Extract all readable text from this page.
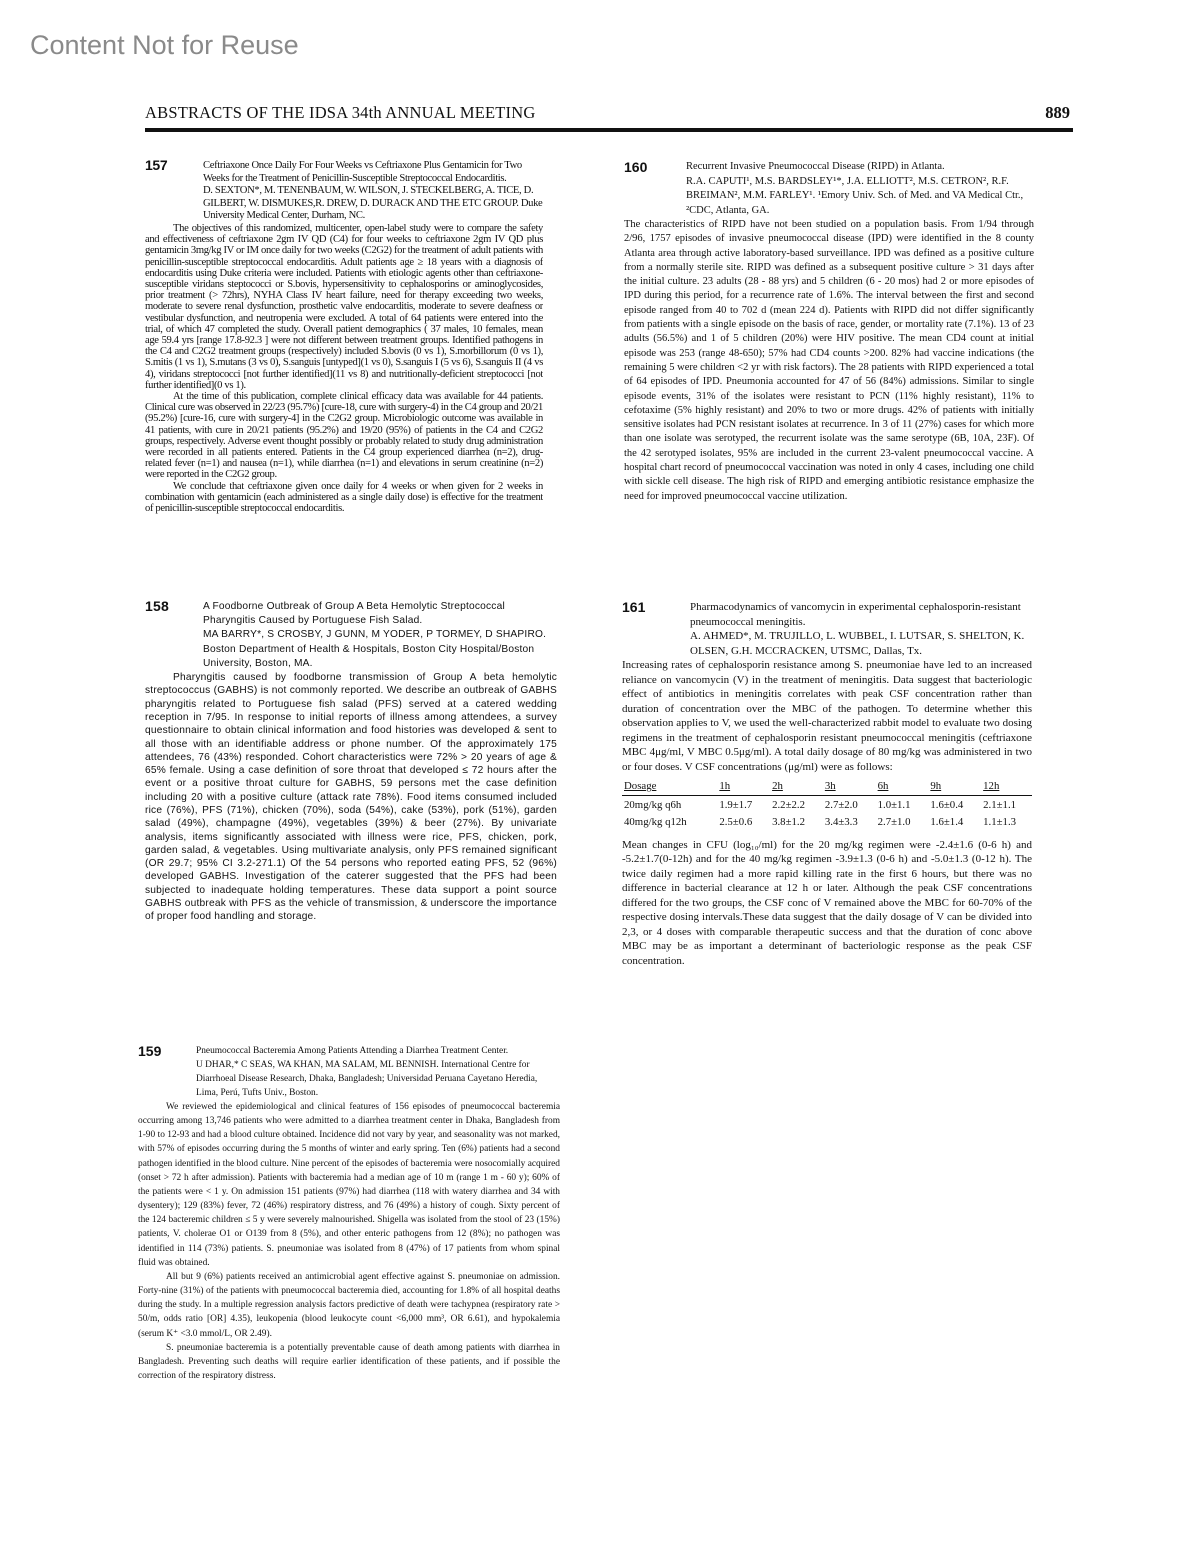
Content Not for Reuse
ABSTRACTS OF THE IDSA 34th ANNUAL MEETING	889
157	Ceftriaxone Once Daily For Four Weeks vs Ceftriaxone Plus Gentamicin for Two Weeks for the Treatment of Penicillin-Susceptible Streptococcal Endocarditis.
D. SEXTON*, M. TENENBAUM, W. WILSON, J. STECKELBERG, A. TICE, D. GILBERT, W. DISMUKES,R. DREW, D. DURACK AND THE ETC GROUP. Duke University Medical Center, Durham, NC.

The objectives of this randomized, multicenter, open-label study were to compare the safety and effectiveness of ceftriaxone 2gm IV QD (C4) for four weeks to ceftriaxone 2gm IV QD plus gentamicin 3mg/kg IV or IM once daily for two weeks (C2G2) for the treatment of adult patients with penicillin-susceptible streptococcal endocarditis. Adult patients age ≥ 18 years with a diagnosis of endocarditis using Duke criteria were included. Patients with etiologic agents other than ceftriaxone-susceptible viridans steptococci or S.bovis, hypersensitivity to cephalosporins or aminoglycosides, prior treatment (> 72hrs), NYHA Class IV heart failure, need for therapy exceeding two weeks, moderate to severe renal dysfunction, prosthetic valve endocarditis, moderate to severe deafness or vestibular dysfunction, and neutropenia were excluded. A total of 64 patients were entered into the trial, of which 47 completed the study. Overall patient demographics ( 37 males, 10 females, mean age 59.4 yrs [range 17.8-92.3 ] were not different between treatment groups. Identified pathogens in the C4 and C2G2 treatment groups (respectively) included S.bovis (0 vs 1), S.morbillorum (0 vs 1), S.mitis (1 vs 1), S.mutans (3 vs 0), S.sanguis [untyped](1 vs 0), S.sanguis I (5 vs 6), S.sanguis II (4 vs 4), viridans streptococci [not further identified](11 vs 8) and nutritionally-deficient streptococci [not further identified](0 vs 1).

At the time of this publication, complete clinical efficacy data was available for 44 patients. Clinical cure was observed in 22/23 (95.7%) [cure-18, cure with surgery-4) in the C4 group and 20/21 (95.2%) [cure-16, cure with surgery-4] in the C2G2 group. Microbiologic outcome was available in 41 patients, with cure in 20/21 patients (95.2%) and 19/20 (95%) of patients in the C4 and C2G2 groups, respectively. Adverse event thought possibly or probably related to study drug administration were recorded in all patients entered. Patients in the C4 group experienced diarrhea (n=2), drug-related fever (n=1) and nausea (n=1), while diarrhea (n=1) and elevations in serum creatinine (n=2) were reported in the C2G2 group.

We conclude that ceftriaxone given once daily for 4 weeks or when given for 2 weeks in combination with gentamicin (each administered as a single daily dose) is effective for the treatment of penicillin-susceptible streptococcal endocarditis.

158	A Foodborne Outbreak of Group A Beta Hemolytic Streptococcal Pharyngitis Caused by Portuguese Fish Salad.
MA BARRY*, S CROSBY, J GUNN, M YODER, P TORMEY, D SHAPIRO.Boston Department of Health & Hospitals, Boston City Hospital/Boston University, Boston, MA.

Pharyngitis caused by foodborne transmission of Group A beta hemolytic streptococcus (GABHS) is not commonly reported. We describe an outbreak of GABHS pharyngitis related to Portuguese fish salad (PFS) served at a catered wedding reception in 7/95. In response to initial reports of illness among attendees, a survey questionnaire to obtain clinical information and food histories was developed & sent to all those with an identifiable address or phone number. Of the approximately 175 attendees, 76 (43%) responded. Cohort characteristics were 72% > 20 years of age & 65% female. Using a case definition of sore throat that developed ≤ 72 hours after the event or a positive throat culture for GABHS, 59 persons met the case definition including 20 with a positive culture (attack rate 78%). Food items consumed included rice (76%), PFS (71%), chicken (70%), soda (54%), cake (53%), pork (51%), garden salad (49%), champagne (49%), vegetables (39%) & beer (27%). By univariate analysis, items significantly associated with illness were rice, PFS, chicken, pork, garden salad, & vegetables. Using multivariate analysis, only PFS remained significant (OR 29.7; 95% CI 3.2-271.1) Of the 54 persons who reported eating PFS, 52 (96%) developed GABHS. Investigation of the caterer suggested that the PFS had been subjected to inadequate holding temperatures. These data support a point source GABHS outbreak with PFS as the vehicle of transmission, & underscore the importance of proper food handling and storage.

159	Pneumococcal Bacteremia Among Patients Attending a Diarrhea Treatment Center.
U DHAR,* C SEAS, WA KHAN, MA SALAM, ML BENNISH. International Centre for Diarrhoeal Disease Research, Dhaka, Bangladesh; Universidad Peruana Cayetano Heredia, Lima, Perú, Tufts Univ., Boston.

We reviewed the epidemiological and clinical features of 156 episodes of pneumococcal bacteremia occurring among 13,746 patients who were admitted to a diarrhea treatment center in Dhaka, Bangladesh from 1-90 to 12-93 and had a blood culture obtained. Incidence did not vary by year, and seasonality was not marked, with 57% of episodes occurring during the 5 months of winter and early spring. Ten (6%) patients had a second pathogen identified in the blood culture. Nine percent of the episodes of bacteremia were nosocomially acquired (onset > 72 h after admission). Patients with bacteremia had a median age of 10 m (range 1 m - 60 y); 60% of the patients were < 1 y. On admission 151 patients (97%) had diarrhea (118 with watery diarrhea and 34 with dysentery); 129 (83%) fever, 72 (46%) respiratory distress, and 76 (49%) a history of cough. Sixty percent of the 124 bacteremic children ≤ 5 y were severely malnourished. Shigella was isolated from the stool of 23 (15%) patients, V. cholerae O1 or O139 from 8 (5%), and other enteric pathogens from 12 (8%); no pathogen was identified in 114 (73%) patients. S. pneumoniae was isolated from 8 (47%) of 17 patients from whom spinal fluid was obtained.

All but 9 (6%) patients received an antimicrobial agent effective against S. pneumoniae on admission. Forty-nine (31%) of the patients with pneumococcal bacteremia died, accounting for 1.8% of all hospital deaths during the study. In a multiple regression analysis factors predictive of death were tachypnea (respiratory rate > 50/m, odds ratio [OR] 4.35), leukopenia (blood leukocyte count <6,000 mm³, OR 6.61), and hypokalemia (serum K⁺ <3.0 mmol/L, OR 2.49).

S. pneumoniae bacteremia is a potentially preventable cause of death among patients with diarrhea in Bangladesh. Preventing such deaths will require earlier identification of these patients, and if possible the correction of the respiratory distress.

160	Recurrent Invasive Pneumococcal Disease (RIPD) in Atlanta.
R.A. CAPUTI¹, M.S. BARDSLEY¹*, J.A. ELLIOTT², M.S. CETRON², R.F. BREIMAN², M.M. FARLEY¹. ¹Emory Univ. Sch. of Med. and VA Medical Ctr., ²CDC, Atlanta, GA.

The characteristics of RIPD have not been studied on a population basis. From 1/94 through 2/96, 1757 episodes of invasive pneumococcal disease (IPD) were identified in the 8 county Atlanta area through active laboratory-based surveillance. IPD was defined as a positive culture from a normally sterile site. RIPD was defined as a subsequent positive culture > 31 days after the initial culture. 23 adults (28 - 88 yrs) and 5 children (6 - 20 mos) had 2 or more episodes of IPD during this period, for a recurrence rate of 1.6%. The interval between the first and second episode ranged from 40 to 702 d (mean 224 d). Patients with RIPD did not differ significantly from patients with a single episode on the basis of race, gender, or mortality rate (7.1%). 13 of 23 adults (56.5%) and 1 of 5 children (20%) were HIV positive. The mean CD4 count at initial episode was 253 (range 48-650); 57% had CD4 counts >200. 82% had vaccine indications (the remaining 5 were children <2 yr with risk factors). The 28 patients with RIPD experienced a total of 64 episodes of IPD. Pneumonia accounted for 47 of 56 (84%) admissions. Similar to single episode events, 31% of the isolates were resistant to PCN (11% highly resistant), 11% to cefotaxime (5% highly resistant) and 20% to two or more drugs. 42% of patients with initially sensitive isolates had PCN resistant isolates at recurrence. In 3 of 11 (27%) cases for which more than one isolate was serotyped, the recurrent isolate was the same serotype (6B, 10A, 23F). Of the 42 serotyped isolates, 95% are included in the current 23-valent pneumococcal vaccine. A hospital chart record of pneumococcal vaccination was noted in only 4 cases, including one child with sickle cell disease. The high risk of RIPD and emerging antibiotic resistance emphasize the need for improved pneumococcal vaccine utilization.

161	Pharmacodynamics of vancomycin in experimental cephalosporin-resistant pneumococcal meningitis.
A. AHMED*, M. TRUJILLO, L. WUBBEL, I. LUTSAR, S. SHELTON, K. OLSEN, G.H. MCCRACKEN, UTSMC, Dallas, Tx.

Increasing rates of cephalosporin resistance among S. pneumoniae have led to an increased reliance on vancomycin (V) in the treatment of meningitis. Data suggest that bacteriologic effect of antibiotics in meningitis correlates with peak CSF concentration rather than duration of concentration over the MBC of the pathogen. To determine whether this observation applies to V, we used the well-characterized rabbit model to evaluate two dosing regimens in the treatment of cephalosporin resistant pneumococcal meningitis (ceftriaxone MBC 4μg/ml, V MBC 0.5μg/ml). A total daily dosage of 80 mg/kg was administered in two or four doses. V CSF concentrations (μg/ml) were as follows:

Dosage	1h	2h	3h	6h	9h	12h
20mg/kg q6h	1.9±1.7	2.2±2.2	2.7±2.0	1.0±1.1	1.6±0.4	2.1±1.1
40mg/kg q12h	2.5±0.6	3.8±1.2	3.4±3.3	2.7±1.0	1.6±1.4	1.1±1.3

Mean changes in CFU (log₁₀/ml) for the 20 mg/kg regimen were -2.4±1.6 (0-6 h) and -5.2±1.7(0-12h) and for the 40 mg/kg regimen -3.9±1.3 (0-6 h) and -5.0±1.3 (0-12 h). The twice daily regimen had a more rapid killing rate in the first 6 hours, but there was no difference in bacterial clearance at 12 h or later. Although the peak CSF concentrations differed for the two groups, the CSF conc of V remained above the MBC for 60-70% of the respective dosing intervals.These data suggest that the daily dosage of V can be divided into 2,3, or 4 doses with comparable therapeutic success and that the duration of conc above MBC may be as important a determinant of bacteriologic response as the peak CSF concentration.
